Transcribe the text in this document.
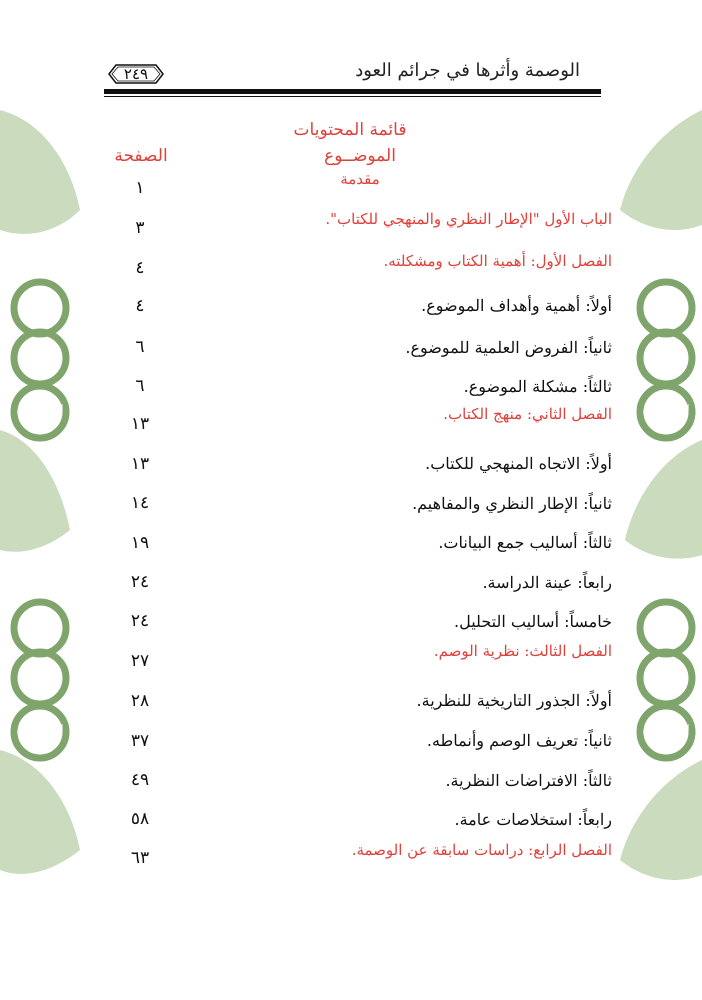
الوصمة وأثرها في جرائم العود
٢٤٩
الدولة
المجتمع
المفرج عنهم
الدولة
المجتمع
المفرج عنهم
الدولة
المجتمع
المفرج عنهم
الدولة
المجتمع
المفرج عنهم
قائمة المحتويات
الموضــوع
الصفحة
مقدمة
١
الباب الأول "الإطار النظري والمنهجي للكتاب".
٣
الفصل الأول: أهمية الكتاب ومشكلته.
٤
أولاً: أهمية وأهداف الموضوع.
٤
ثانياً: الفروض العلمية للموضوع.
٦
ثالثاً: مشكلة الموضوع.
٦
الفصل الثاني: منهج الكتاب.
١٣
أولاً: الاتجاه المنهجي للكتاب.
١٣
ثانياً: الإطار النظري والمفاهيم.
١٤
ثالثاً: أساليب جمع البيانات.
١٩
رابعاً: عينة الدراسة.
٢٤
خامساً: أساليب التحليل.
٢٤
الفصل الثالث: نظرية الوصم.
٢٧
أولاً: الجذور التاريخية للنظرية.
٢٨
ثانياً: تعريف الوصم وأنماطه.
٣٧
ثالثاً: الافتراضات النظرية.
٤٩
رابعاً: استخلاصات عامة.
٥٨
الفصل الرابع: دراسات سابقة عن الوصمة.
٦٣
